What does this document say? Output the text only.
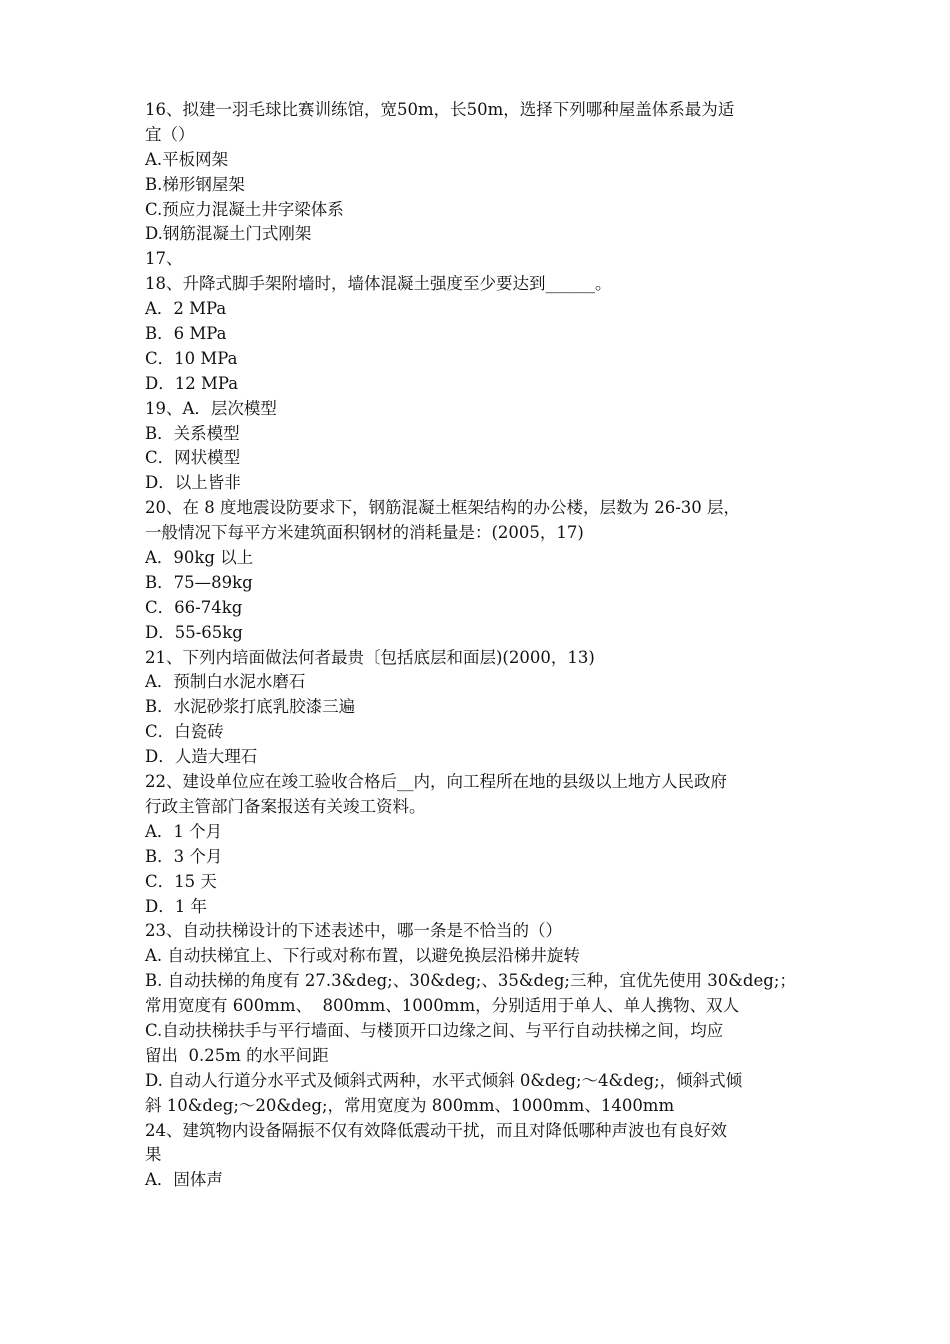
16、拟建一羽毛球比赛训练馆，宽50m，长50m，选择下列哪种屋盖体系最为适
宜（）
A.平板网架
B.梯形钢屋架
C.预应力混凝土井字梁体系
D.钢筋混凝土门式刚架
17、
18、升降式脚手架附墙时，墙体混凝土强度至少要达到______。
A．2 MPa
B．6 MPa
C．10 MPa
D．12 MPa
19、A．层次模型
B．关系模型
C．网状模型
D．以上皆非
20、在 8 度地震设防要求下，钢筋混凝土框架结构的办公楼，层数为 26-30 层，
一般情况下每平方米建筑面积钢材的消耗量是：(2005，17)
A．90kg 以上
B．75—89kg
C．66-74kg
D．55-65kg
21、下列内培面做法何者最贵〔包括底层和面层)(2000，13)
A．预制白水泥水磨石
B．水泥砂浆打底乳胶漆三遍
C．白瓷砖
D．人造大理石
22、建设单位应在竣工验收合格后__内，向工程所在地的县级以上地方人民政府
行政主管部门备案报送有关竣工资料。
A．1 个月
B．3 个月
C．15 天
D．1 年
23、自动扶梯设计的下述表述中，哪一条是不恰当的（）
A. 自动扶梯宜上、下行或对称布置，以避免换层沿梯井旋转
B. 自动扶梯的角度有 27.3&deg;、30&deg;、35&deg;三种，宜优先使用 30&deg;；
常用宽度有 600mm、  800mm、1000mm，分别适用于单人、单人携物、双人
C.自动扶梯扶手与平行墙面、与楼顶开口边缘之间、与平行自动扶梯之间，均应
留出  0.25m 的水平间距
D. 自动人行道分水平式及倾斜式两种，水平式倾斜 0&deg;～4&deg;，倾斜式倾
斜 10&deg;～20&deg;，常用宽度为 800mm、1000mm、1400mm
24、建筑物内设备隔振不仅有效降低震动干扰，而且对降低哪种声波也有良好效
果
A．固体声
